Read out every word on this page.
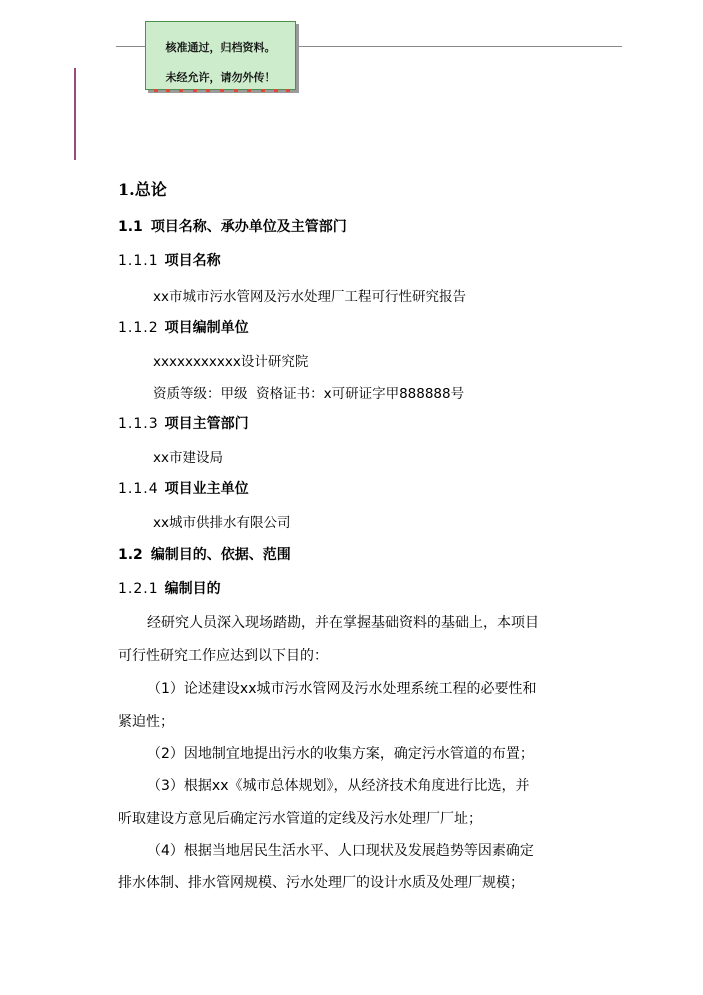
核准通过，归档资料。
未经允许，请勿外传！
1.总论
1.1 项目名称、承办单位及主管部门
1.1.1 项目名称
xx市城市污水管网及污水处理厂工程可行性研究报告
1.1.2 项目编制单位
xxxxxxxxxxx设计研究院
资质等级：甲级  资格证书：x可研证字甲888888号
1.1.3 项目主管部门
xx市建设局
1.1.4 项目业主单位
xx城市供排水有限公司
1.2 编制目的、依据、范围
1.2.1 编制目的
经研究人员深入现场踏勘，并在掌握基础资料的基础上，本项目
可行性研究工作应达到以下目的：
（1）论述建设xx城市污水管网及污水处理系统工程的必要性和
紧迫性；
（2）因地制宜地提出污水的收集方案，确定污水管道的布置；
（3）根据xx《城市总体规划》，从经济技术角度进行比选，并
听取建设方意见后确定污水管道的定线及污水处理厂厂址；
（4）根据当地居民生活水平、人口现状及发展趋势等因素确定
排水体制、排水管网规模、污水处理厂的设计水质及处理厂规模；
